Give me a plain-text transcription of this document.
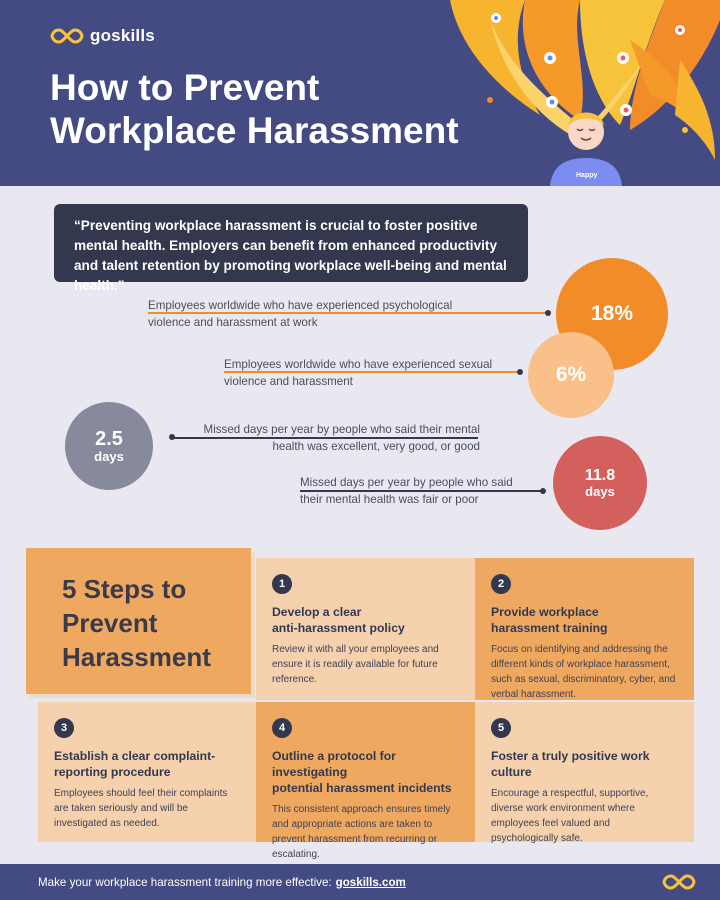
goskills
How to Prevent
Workplace Harassment
Happy
“Preventing workplace harassment is crucial to foster positive mental health. Employers can benefit from enhanced productivity and talent retention by promoting workplace well-being and mental health.”
Employees worldwide who have experienced psychological
violence and harassment at work	18%
6%
Employees worldwide who have experienced sexual
violence and harassment
2.5
days
Missed days per year by people who said their mental
health was excellent, very good, or good
Missed days per year by people who said
their mental health was fair or poor
11.8
days
5 Steps to
Prevent
Harassment
1
Develop a clear
anti-harassment policy
Review it with all your employees and ensure it is readily available for future reference.
2
Provide workplace
harassment training
Focus on identifying and addressing the different kinds of workplace harassment, such as sexual, discriminatory, cyber, and verbal harassment.
3
Establish a clear complaint-
reporting procedure
Employees should feel their complaints are taken seriously and will be investigated as needed.
4
Outline a protocol for investigating
potential harassment incidents
This consistent approach ensures timely and appropriate actions are taken to prevent harassment from recurring or escalating.
5
Foster a truly positive work
culture
Encourage a respectful, supportive, diverse work environment where employees feel valued and psychologically safe.
Make your workplace harassment training more effective: goskills.com
